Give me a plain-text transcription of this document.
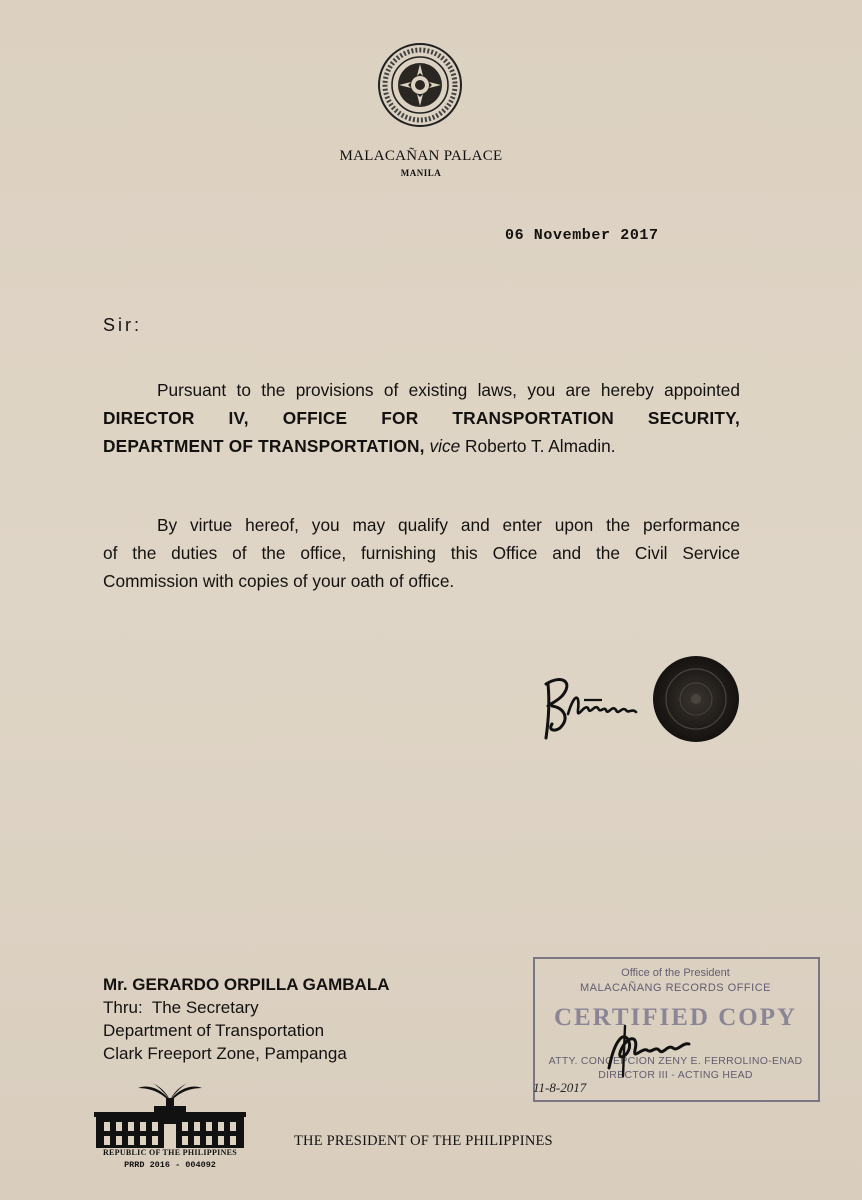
MALACAÑAN PALACE
MANILA
06 November 2017
Sir:
Pursuant to the provisions of existing laws, you are hereby appointed
DIRECTOR IV, OFFICE FOR TRANSPORTATION SECURITY,
DEPARTMENT OF TRANSPORTATION, vice Roberto T. Almadin.
By virtue hereof, you may qualify and enter upon the performance
of the duties of the office, furnishing this Office and the Civil Service
Commission with copies of your oath of office.
Mr. GERARDO ORPILLA GAMBALA
Thru:  The Secretary
Department of Transportation
Clark Freeport Zone, Pampanga
Office of the President
MALACAÑANG RECORDS OFFICE
CERTIFIED COPY
ATTY. CONCEPCION ZENY E. FERROLINO-ENAD
DIRECTOR III - ACTING HEAD
11-8-2017
REPUBLIC OF THE PHILIPPINES
PRRD 2016 - 004092
THE PRESIDENT OF THE PHILIPPINES
